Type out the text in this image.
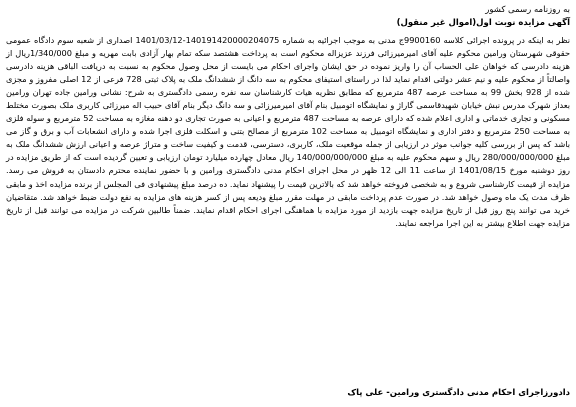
به روزنامه رسمی کشور
آگهی مزایده نوبت اول(اموال غیر منقول)
نظر به اینکه در پرونده اجرائی کلاسه 9900160ج مدنی به موجب اجرائیه به شماره 140191420000204075-1401/03/12 اصداری از شعبه سوم دادگاه عمومی حقوقی شهرستان ورامین محکوم علیه آقای امیرمیرزائی فرزند عزیزاله محکوم است به پرداخت هشتصد سکه تمام بهار آزادی بابت مهریه و مبلغ 1/340/000ریال از هزینه دادرسی که خواهان علی الحساب آن را واریز نموده در حق ایشان واجرای احکام می بایست از محل وصول محکوم به نسبت به دریافت الباقی هزینه دادرسی واصالتاً از محکوم علیه و نیم عشر دولتی اقدام نماید لذا در راستای استیفای محکوم به سه دانگ از ششدانگ ملک به پلاک ثبتی 728 فرعی از 12 اصلی مفروز و مجزی شده از 928 بخش 99 به مساحت عرصه 487 مترمربع که مطابق نظریه هیات کارشناسان سه نفره رسمی دادگستری به شرح: نشانی ورامین جاده تهران ورامین بعداز شهرک مدرس نبش خیابان شهیدقاسمی گاراژ و نمایشگاه اتومبیل بنام آقای امیرمیرزائی و سه دانگ دیگر بنام آقای حبیب اله میرزائی کاربری ملک بصورت مختلط مسکونی و تجاری خدماتی و اداری اعلام شده که دارای عرصه به مساحت 487 مترمربع و اعیانی به صورت تجاری دو دهنه مغازه به مساحت 52 مترمربع و سوله فلزی به مساحت 250 مترمربع و دفتر اداری و نمایشگاه اتومبیل به مساحت 102 مترمربع از مصالح بتنی و اسکلت فلزی اجرا شده و دارای انشعابات آب و برق و گاز می باشد که پس از بررسی کلیه جوانب موثر در ارزیابی از جمله موقعیت ملک، کاربری، دسترسی، قدمت و کیفیت ساخت و متراژ عرصه و اعیانی ارزش ششدانگ ملک به مبلغ 280/000/000/000 ریال و سهم محکوم علیه به مبلغ 140/000/000/000 ریال معادل چهارده میلیارد تومان ارزیابی و تعیین گردیده است که از طریق مزایده در روز دوشنبه مورخ 1401/08/15 از ساعت 11 الی 12 ظهر در محل اجرای احکام مدنی دادگستری ورامین و با حضور نماینده محترم دادستان به فروش می رسد. مزایده از قیمت کارشناسی شروع و به شخصی فروخته خواهد شد که بالاترین قیمت را پیشنهاد نماید. ده درصد مبلغ پیشنهادی فی المجلس از برنده مزایده اخذ و مابقی ظرف مدت یک ماه وصول خواهد شد. در صورت عدم پرداخت مابقی در مهلت مقرر مبلغ ودیعه پس از کسر هزینه های مزایده به نفع دولت ضبط خواهد شد. متقاضیان خرید می توانند پنج روز قبل از تاریخ مزایده جهت بازدید از مورد مزایده با هماهنگی اجرای احکام اقدام نمایند. ضمناً طالبین شرکت در مزایده می توانند قبل از تاریخ مزایده جهت اطلاع بیشتر به این اجرا مراجعه نمایند.
دادورزاجرای احکام مدنی دادگستری ورامین- علی پاک
